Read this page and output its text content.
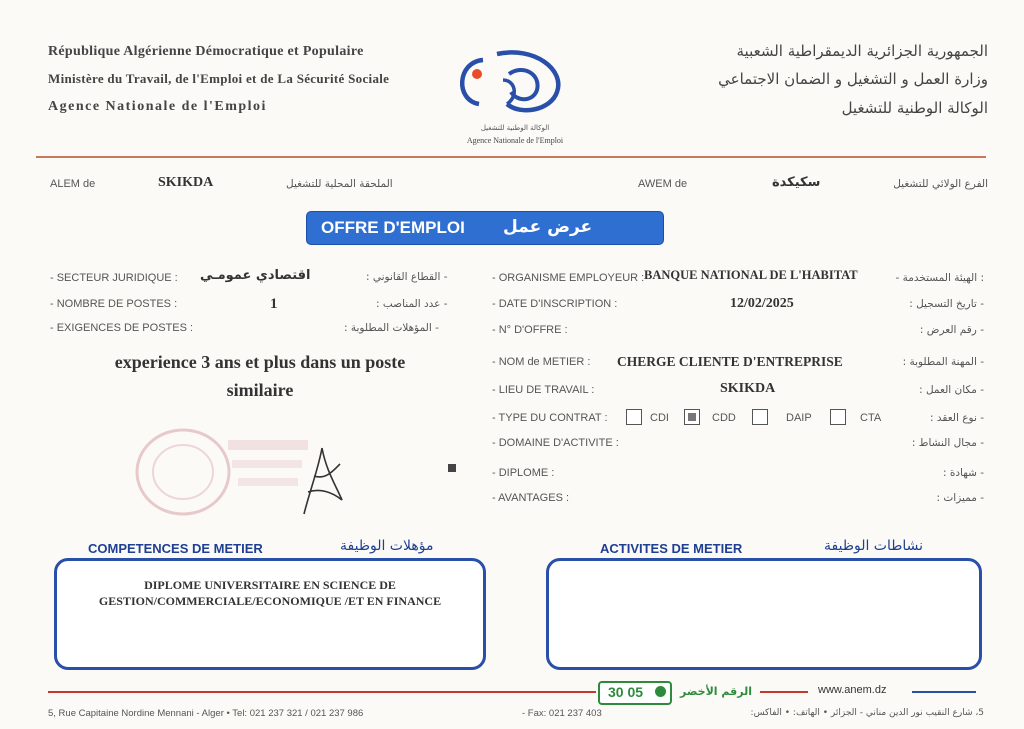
République Algérienne Démocratique et Populaire
Ministère du Travail, de l'Emploi et de La Sécurité Sociale
Agence Nationale de l'Emploi
الجمهورية الجزائرية الديمقراطية الشعبية
وزارة العمل و التشغيل و الضمان الاجتماعي
الوكالة الوطنية للتشغيل
الوكالة الوطنية للتشغيل
Agence Nationale de l'Emploi
ALEM de	SKIKDA	الملحقة المحلية للتشغيل	AWEM de	سكيكدة	الفرع الولائي للتشغيل
OFFRE D'EMPLOI عرض عمل
- SECTEUR JURIDIQUE : اقتصادي عمومـي	- القطاع القانوني :
- NOMBRE DE POSTES :	1	- عدد المناصب :
- EXIGENCES DE POSTES :	- المؤهلات المطلوبة :
experience 3 ans et plus dans un poste
similaire
- ORGANISME EMPLOYEUR : BANQUE NATIONAL DE L'HABITAT	: الهيئة المستخدمة -
- DATE D'INSCRIPTION :	12/02/2025	- تاريخ التسجيل :
- N° D'OFFRE :	- رقم العرض :
- NOM de METIER : CHERGE CLIENTE D'ENTREPRISE	- المهنة المطلوبة :
- LIEU DE TRAVAIL :	SKIKDA	- مكان العمل :
- TYPE DU CONTRAT :	CDI	CDD	DAIP	CTA	- نوع العقد :
- DOMAINE D'ACTIVITE :	- مجال النشاط :
- DIPLOME :	- شهادة :
- AVANTAGES :	- مميزات :
COMPETENCES DE METIER	مؤهلات الوظيفة
DIPLOME UNIVERSITAIRE EN SCIENCE DE
GESTION/COMMERCIALE/ECONOMIQUE /ET EN FINANCE
ACTIVITES DE METIER	نشاطات الوظيفة
30 05	الرقم الأخضر	www.anem.dz
5, Rue Capitaine Nordine Mennani - Alger • Tel: 021 237 321 / 021 237 986	- Fax: 021 237 403	5، شارع النقيب نور الدين مناني - الجزائر • الهاتف: • الفاكس:
